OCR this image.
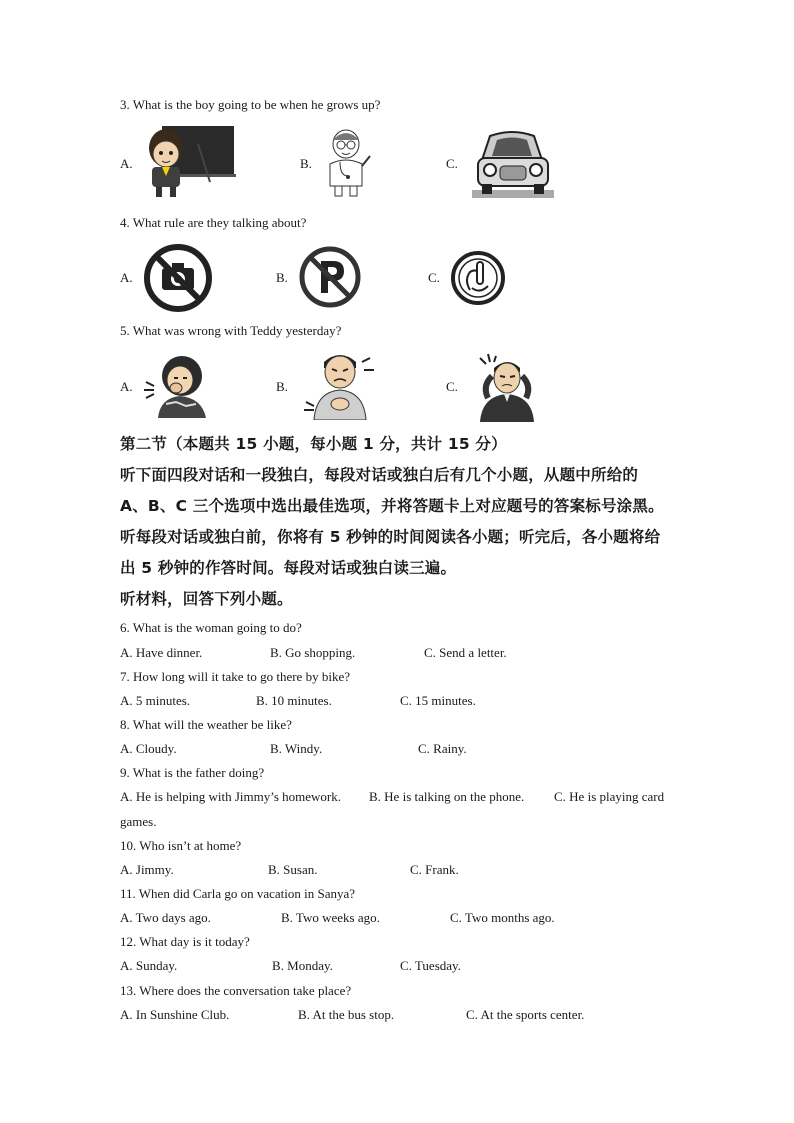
3. What is the boy going to be when he grows up?
A.	B.	C.
4. What rule are they talking about?
A.	B.	C.
5. What was wrong with Teddy yesterday?
A.	B.	C.
第二节（本题共 15 小题，每小题 1 分，共计 15 分）
听下面四段对话和一段独白，每段对话或独白后有几个小题，从题中所给的
A、B、C 三个选项中选出最佳选项，并将答题卡上对应题号的答案标号涂黑。
听每段对话或独白前，你将有 5 秒钟的时间阅读各小题；听完后，各小题将给
出 5 秒钟的作答时间。每段对话或独白读三遍。
听材料，回答下列小题。
6. What is the woman going to do?
A. Have dinner.	B. Go shopping.	C. Send a letter.
7. How long will it take to go there by bike?
A. 5 minutes.	B. 10 minutes.	C. 15 minutes.
8. What will the weather be like?
A. Cloudy.	B. Windy.	C. Rainy.
9. What is the father doing?
A. He is helping with Jimmy’s homework. B. He is talking on the phone. C. He is playing card
games.
10. Who isn’t at home?
A. Jimmy.	B. Susan.	C. Frank.
11. When did Carla go on vacation in Sanya?
A. Two days ago.	B. Two weeks ago.	C. Two months ago.
12. What day is it today?
A. Sunday.	B. Monday.	C. Tuesday.
13. Where does the conversation take place?
A. In Sunshine Club.	B. At the bus stop.	C. At the sports center.
